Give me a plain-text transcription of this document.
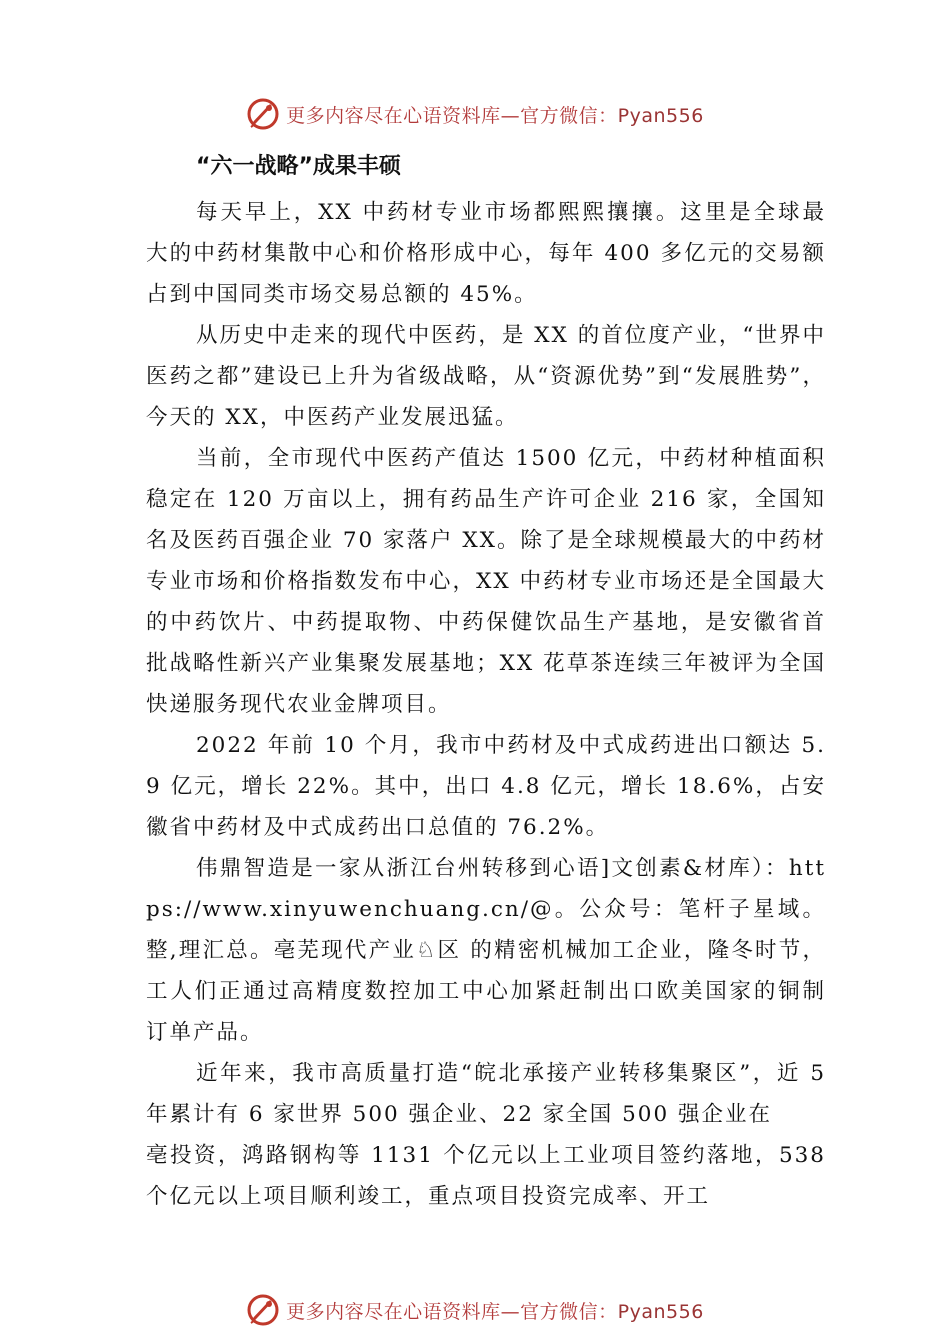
更多内容尽在心语资料库—官方微信：Pyan556
“六一战略”成果丰硕

每天早上，XX 中药材专业市场都熙熙攘攘。这里是全球最大的中药材集散中心和价格形成中心，每年 400 多亿元的交易额占到中国同类市场交易总额的 45%。

从历史中走来的现代中医药，是 XX 的首位度产业，“世界中医药之都”建设已上升为省级战略，从“资源优势”到“发展胜势”，今天的 XX，中医药产业发展迅猛。

当前，全市现代中医药产值达 1500 亿元，中药材种植面积稳定在 120 万亩以上，拥有药品生产许可企业 216 家，全国知名及医药百强企业 70 家落户 XX。除了是全球规模最大的中药材专业市场和价格指数发布中心，XX 中药材专业市场还是全国最大的中药饮片、中药提取物、中药保健饮品生产基地，是安徽省首批战略性新兴产业集聚发展基地；XX 花草茶连续三年被评为全国快递服务现代农业金牌项目。

2022 年前 10 个月，我市中药材及中式成药进出口额达 5.9 亿元，增长 22%。其中，出口 4.8 亿元，增长 18.6%，占安徽省中药材及中式成药出口总值的 76.2%。

伟鼎智造是一家从浙江台州转移到心语]文创素&材库）：https://www.xinyuwenchuang.cn/@。公众号：笔杆子星域。整,理汇总。亳芜现代产业♘区 的精密机械加工企业，隆冬时节，工人们正通过高精度数控加工中心加紧赶制出口欧美国家的铜制订单产品。

近年来，我市高质量打造“皖北承接产业转移集聚区”，近 5 年累计有 6 家世界 500 强企业、22 家全国 500 强企业在

亳投资，鸿路钢构等 1131 个亿元以上工业项目签约落地，538 个亿元以上项目顺利竣工，重点项目投资完成率、开工

更多内容尽在心语资料库—官方微信：Pyan556
